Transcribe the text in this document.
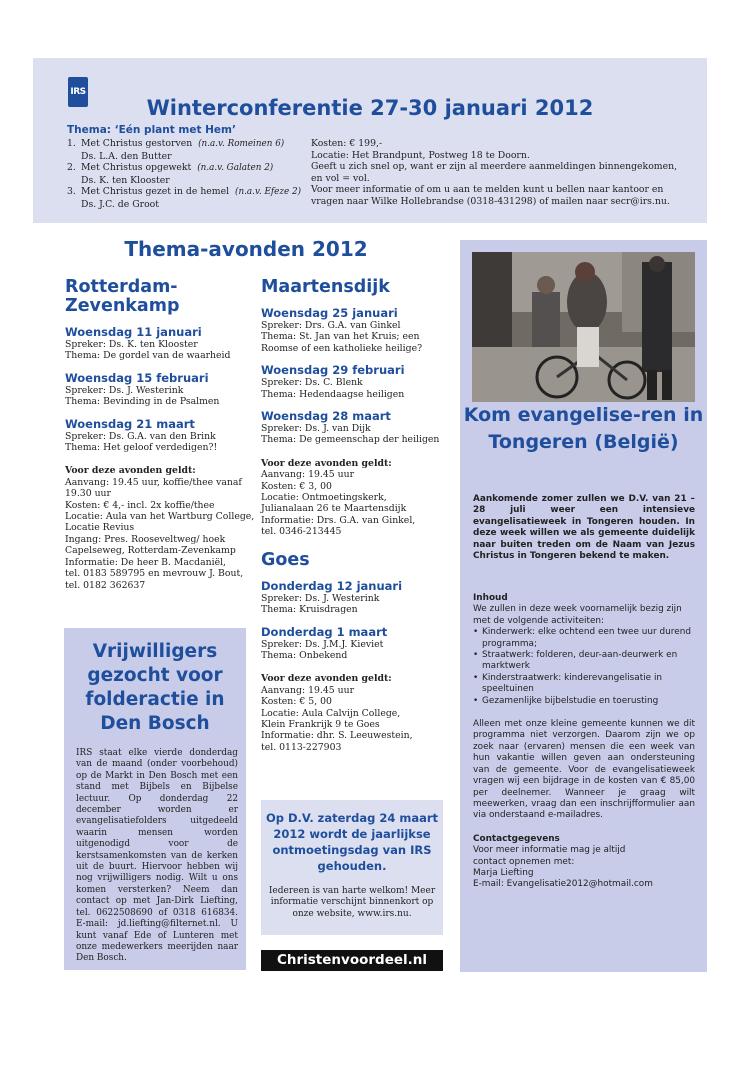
IRS
Winterconferentie 27-30 januari 2012
Thema: ‘Eén plant met Hem’
1. Met Christus gestorven (n.a.v. Romeinen 6)
Ds. L.A. den Butter
2. Met Christus opgewekt (n.a.v. Galaten 2)
Ds. K. ten Klooster
3. Met Christus gezet in de hemel (n.a.v. Efeze 2)
Ds. J.C. de Groot

Kosten: € 199,-

Locatie: Het Brandpunt, Postweg 18 te Doorn.

Geeft u zich snel op, want er zijn al meerdere aanmeldingen binnengekomen,

en vol = vol.

Voor meer informatie of om u aan te melden kunt u bellen naar kantoor en

vragen naar Wilke Hollebrandse (0318-431298) of mailen naar secr@irs.nu.

Thema-avonden 2012
Rotterdam-
Zevenkamp
Woensdag 11 januari

Spreker: Ds. K. ten Klooster

Thema: De gordel van de waarheid

Woensdag 15 februari

Spreker: Ds. J. Westerink

Thema: Bevinding in de Psalmen

Woensdag 21 maart

Spreker: Ds. G.A. van den Brink

Thema: Het geloof verdedigen?!

Voor deze avonden geldt:

Aanvang: 19.45 uur, koffie/thee vanaf

19.30 uur

Kosten: € 4,- incl. 2x koffie/thee

Locatie: Aula van het Wartburg College,

Locatie Revius

Ingang: Pres. Rooseveltweg/ hoek

Capelseweg, Rotterdam-Zevenkamp

Informatie: De heer B. Macdaniël,

tel. 0183 589795 en mevrouw J. Bout,

tel. 0182 362637

Maartensdijk
Woensdag 25 januari

Spreker: Drs. G.A. van Ginkel

Thema: St. Jan van het Kruis; een

Roomse of een katholieke heilige?

Woensdag 29 februari

Spreker: Ds. C. Blenk

Thema: Hedendaagse heiligen

Woensdag 28 maart

Spreker: Ds. J. van Dijk

Thema: De gemeenschap der heiligen

Voor deze avonden geldt:

Aanvang: 19.45 uur

Kosten: € 3, 00

Locatie: Ontmoetingskerk,

Julianalaan 26 te Maartensdijk

Informatie: Drs. G.A. van Ginkel,

tel. 0346-213445

Goes
Donderdag 12 januari

Spreker: Ds. J. Westerink

Thema: Kruisdragen

Donderdag 1 maart

Spreker: Ds. J.M.J. Kieviet

Thema: Onbekend

Voor deze avonden geldt:

Aanvang: 19.45 uur

Kosten: € 5, 00

Locatie: Aula Calvijn College,

Klein Frankrijk 9 te Goes

Informatie: dhr. S. Leeuwestein,

tel. 0113-227903

Vrijwilligers gezocht voor folderactie in Den Bosch
IRS staat elke vierde donderdag van de maand (onder voorbehoud) op de Markt in Den Bosch met een stand met Bijbels en Bijbelse lectuur. Op donderdag 22 december worden er evangelisatiefolders uitgedeeld waarin mensen worden uitgenodigd voor de kerstsamenkomsten van de kerken uit de buurt. Hiervoor hebben wij nog vrijwilligers nodig. Wilt u ons komen versterken? Neem dan contact op met Jan-Dirk Liefting, tel. 0622508690 of 0318 616834. E-mail: jd.liefting@filternet.nl. U kunt vanaf Ede of Lunteren met onze medewerkers meerijden naar Den Bosch.
Op D.V. zaterdag 24 maart 2012 wordt de jaarlijkse ontmoetingsdag van IRS gehouden.
Iedereen is van harte welkom! Meer informatie verschijnt binnenkort op onze website, www.irs.nu.
Christenvoordeel.nl
Kom evangelise-ren in Tongeren (België)
Aankomende zomer zullen we D.V. van 21 – 28 juli weer een intensieve evangelisatieweek in Tongeren houden. In deze week willen we als gemeente duidelijk naar buiten treden om de Naam van Jezus Christus in Tongeren bekend te maken.

Inhoud

We zullen in deze week voornamelijk bezig zijn met de volgende activiteiten:

• Kinderwerk: elke ochtend een twee uur durend programma;
• Straatwerk: folderen, deur-aan-deurwerk en marktwerk
• Kinderstraatwerk: kinderevangelisatie in speeltuinen
• Gezamenlijke bijbelstudie en toerusting

Alleen met onze kleine gemeente kunnen we dit programma niet verzorgen. Daarom zijn we op zoek naar (ervaren) mensen die een week van hun vakantie willen geven aan ondersteuning van de gemeente. Voor de evangelisatieweek vragen wij een bijdrage in de kosten van € 85,00 per deelnemer. Wanneer je graag wilt meewerken, vraag dan een inschrijfformulier aan via onderstaand e-mailadres.

Contactgegevens

Voor meer informatie mag je altijd

contact opnemen met:

Marja Liefting

E-mail: Evangelisatie2012@hotmail.com
